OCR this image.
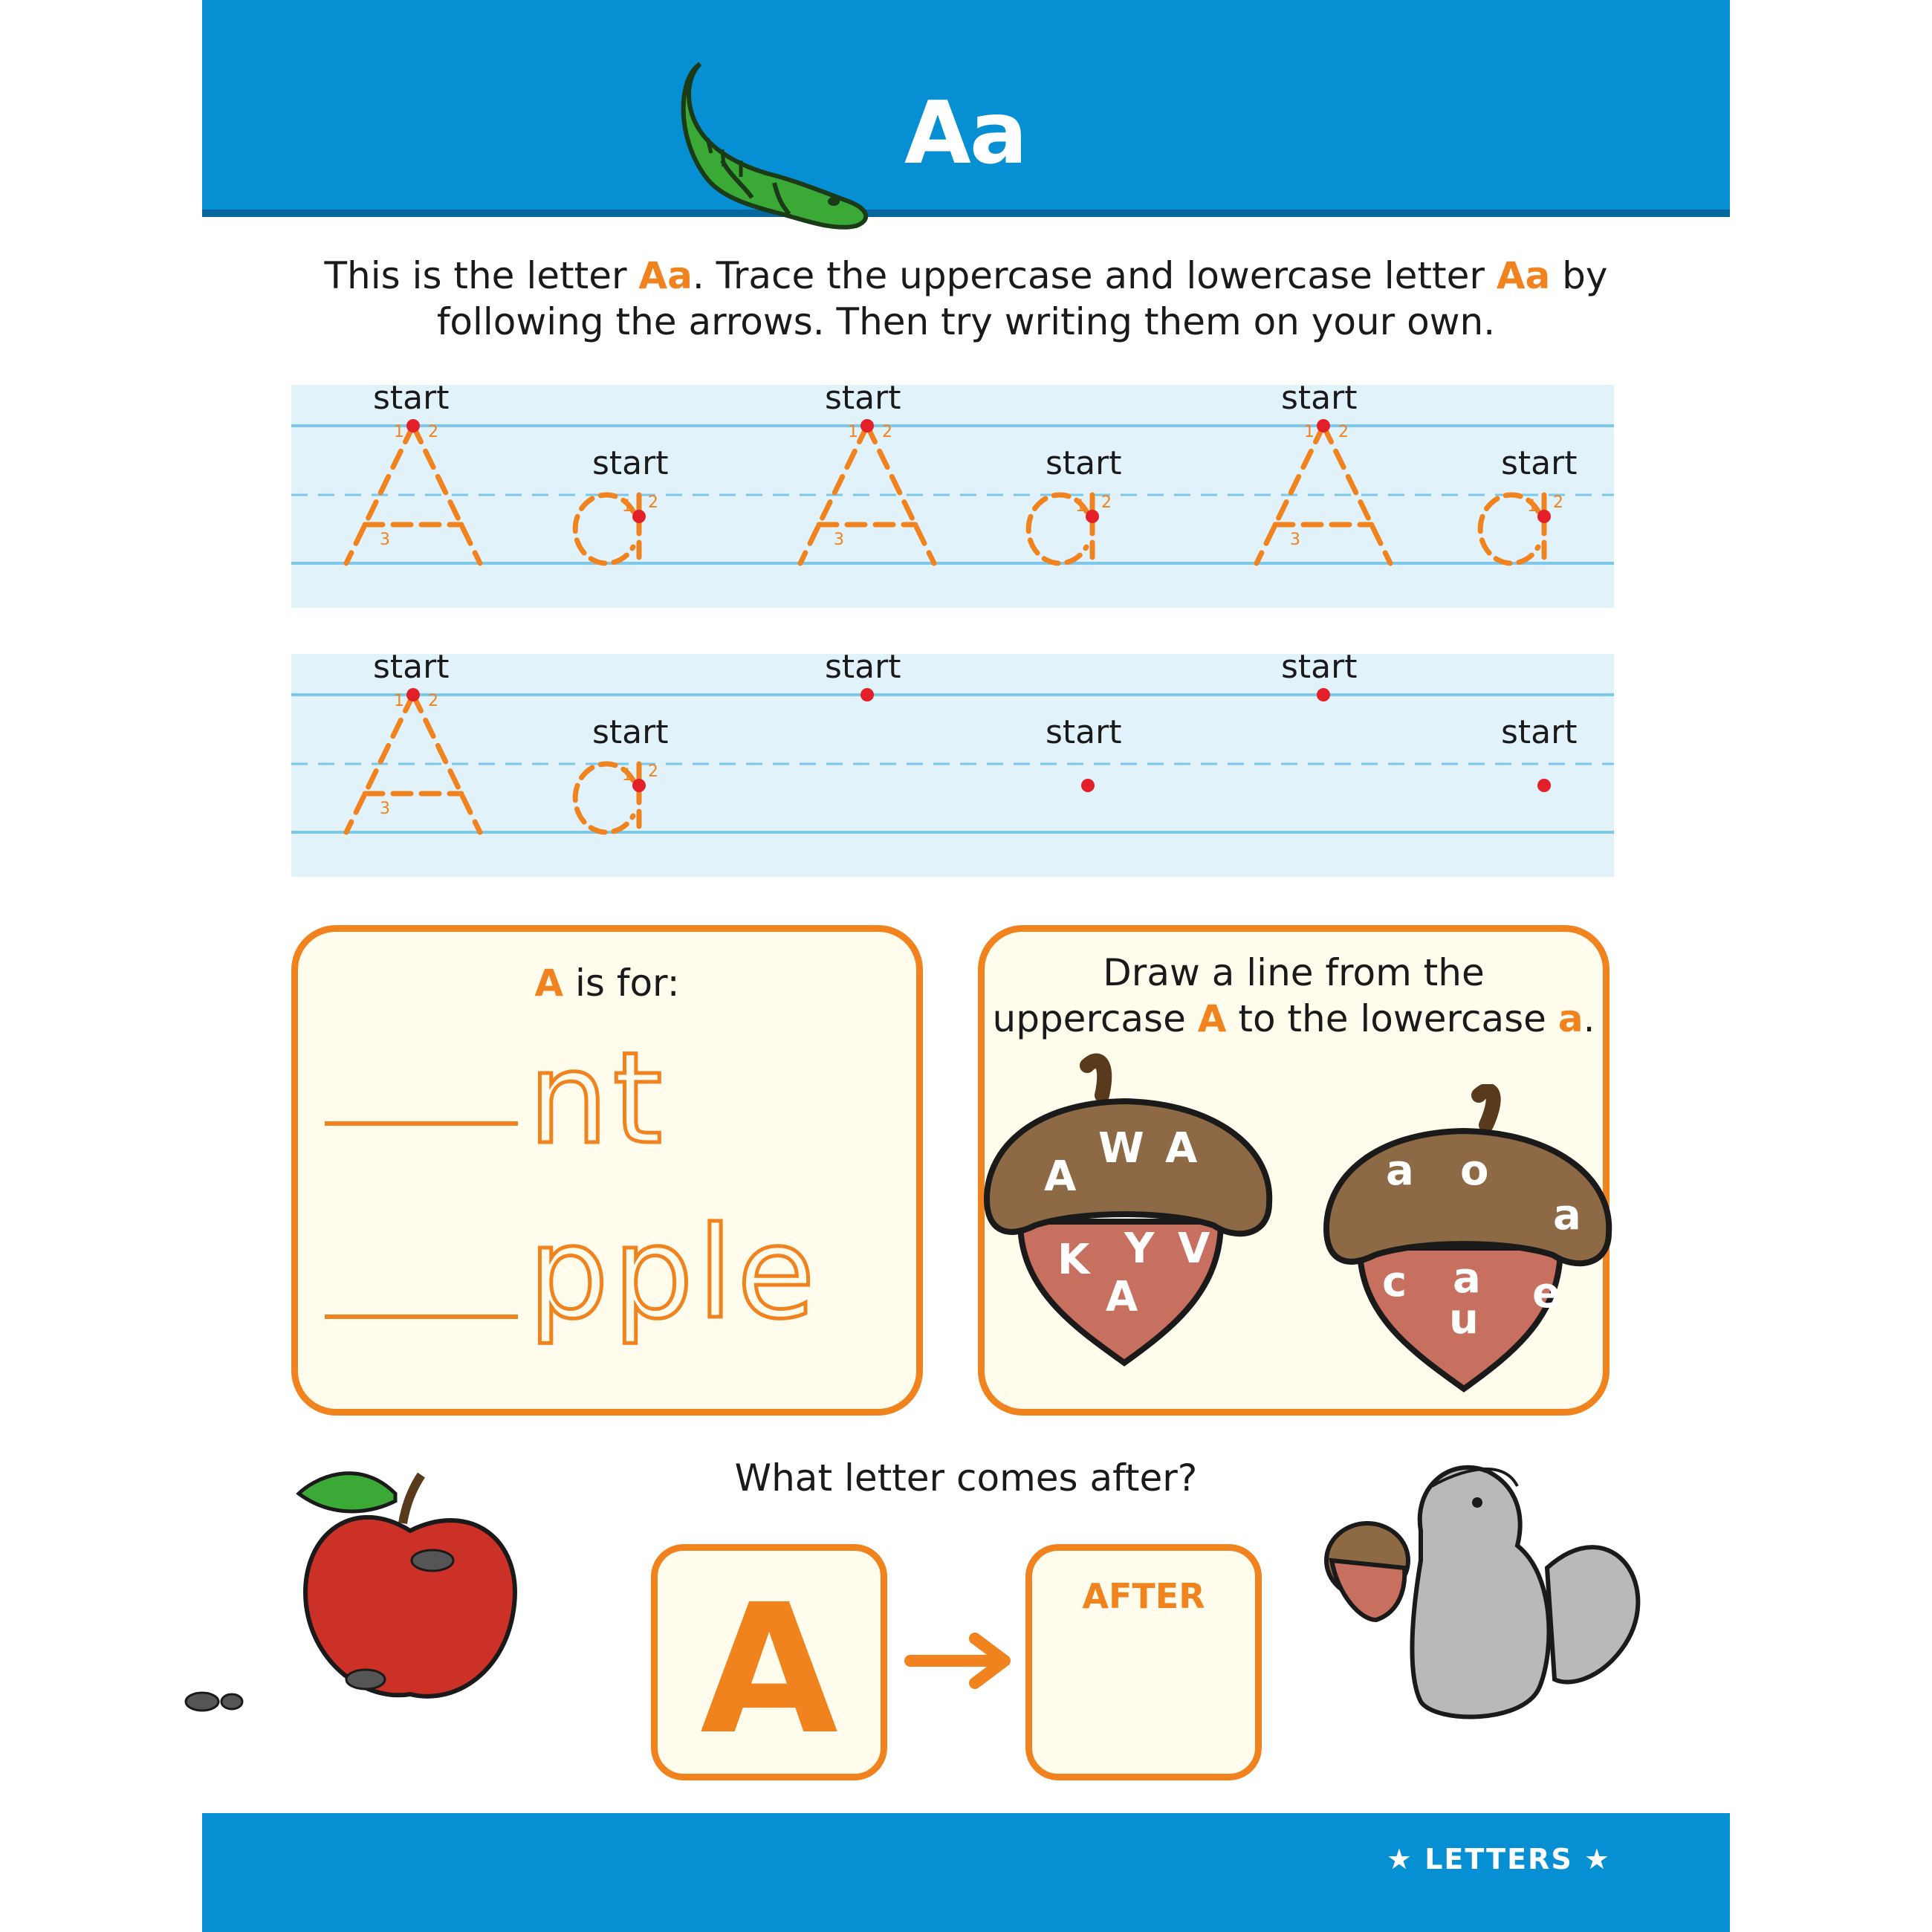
Aa
This is the letter Aa. Trace the uppercase and lowercase letter Aa by
following the arrows. Then try writing them on your own.
1 2
3
1 2
1 2
3
1 2
1 2
3
1 2
start
start
start
start
start
start
1 2
3
1 2
start
start
start
start
start
start
A is for:
nt
pple
Draw a line from the
uppercase A to the lowercase a.
A
W A
K Y V
A
a o
a
c a e
u
What letter comes after?
A	AFTER
★ LETTERS ★
